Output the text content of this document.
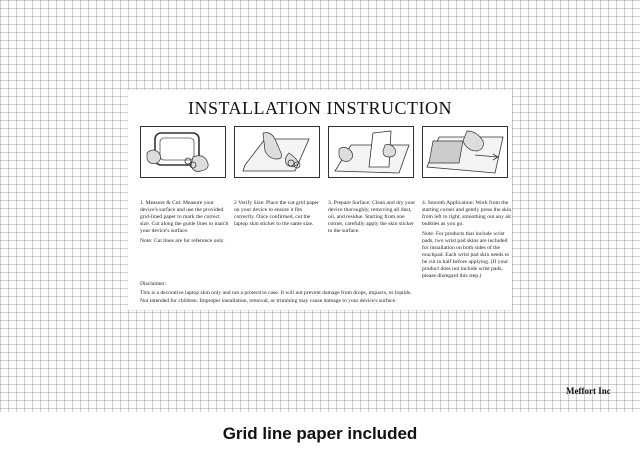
INSTALLATION INSTRUCTION

1. Measure & Cut: Measure your device's surface and use the provided grid-lined paper to mark the correct size. Cut along the guide lines to match your device's surface.

Note: Cut lines are for reference only.

2 Verify Size: Place the cut grid paper on your device to ensure it fits correctly. Once confirmed, cut the laptop skin sticker to the same size.

3. Prepare Surface: Clean and dry your device thoroughly, removing all dust, oil, and residue. Starting from one corner, carefully apply the skin sticker to the surface.

4. Smooth Application: Work from the starting corner and gently press the skin from left to right, smoothing out any air bubbles as you go.

Note: For products that include wrist pads, two wrist pad skins are included for installation on both sides of the touchpad. Each wrist pad skin needs to be cut in half before applying. (If your product does not include wrist pads, please disregard this step.)

Disclaimer:

This is a decorative laptop skin only and not a protective case. It will not prevent damage from drops, impacts, or liquids.

Not intended for children. Improper installation, removal, or trimming may cause damage to your device's surface.

Meffort Inc
Grid line paper included
